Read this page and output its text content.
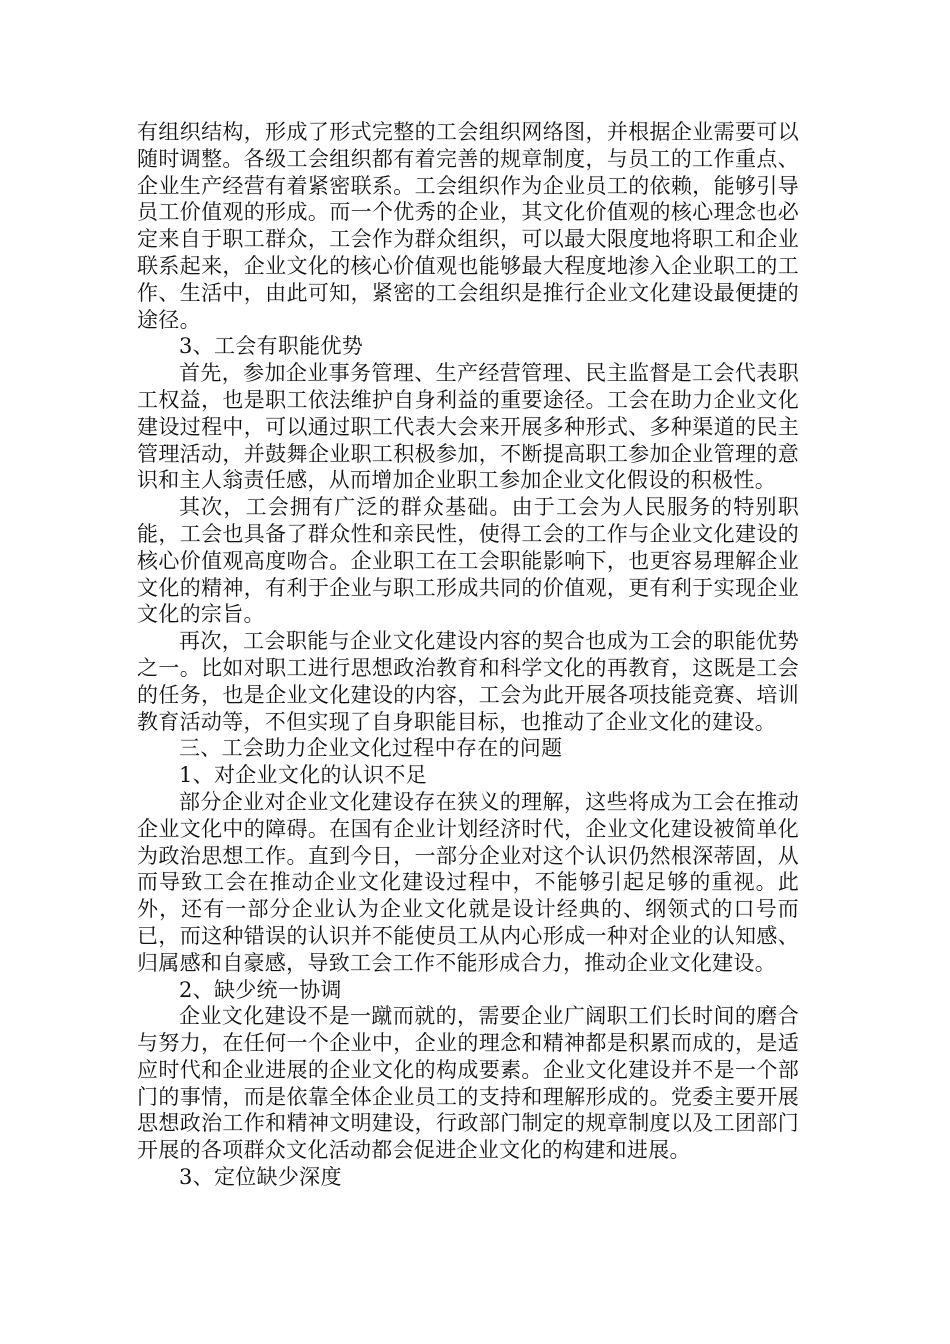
有组织结构，形成了形式完整的工会组织网络图，并根据企业需要可以随时调整。各级工会组织都有着完善的规章制度，与员工的工作重点、企业生产经营有着紧密联系。工会组织作为企业员工的依赖，能够引导员工价值观的形成。而一个优秀的企业，其文化价值观的核心理念也必定来自于职工群众，工会作为群众组织，可以最大限度地将职工和企业联系起来，企业文化的核心价值观也能够最大程度地渗入企业职工的工作、生活中，由此可知，紧密的工会组织是推行企业文化建设最便捷的途径。

3、工会有职能优势

首先，参加企业事务管理、生产经营管理、民主监督是工会代表职工权益，也是职工依法维护自身利益的重要途径。工会在助力企业文化建设过程中，可以通过职工代表大会来开展多种形式、多种渠道的民主管理活动，并鼓舞企业职工积极参加，不断提高职工参加企业管理的意识和主人翁责任感，从而增加企业职工参加企业文化假设的积极性。

其次，工会拥有广泛的群众基础。由于工会为人民服务的特别职能，工会也具备了群众性和亲民性，使得工会的工作与企业文化建设的核心价值观高度吻合。企业职工在工会职能影响下，也更容易理解企业文化的精神，有利于企业与职工形成共同的价值观，更有利于实现企业文化的宗旨。

再次，工会职能与企业文化建设内容的契合也成为工会的职能优势之一。比如对职工进行思想政治教育和科学文化的再教育，这既是工会的任务，也是企业文化建设的内容，工会为此开展各项技能竞赛、培训教育活动等，不但实现了自身职能目标，也推动了企业文化的建设。

三、工会助力企业文化过程中存在的问题

1、对企业文化的认识不足

部分企业对企业文化建设存在狭义的理解，这些将成为工会在推动企业文化中的障碍。在国有企业计划经济时代，企业文化建设被简单化为政治思想工作。直到今日，一部分企业对这个认识仍然根深蒂固，从而导致工会在推动企业文化建设过程中，不能够引起足够的重视。此外，还有一部分企业认为企业文化就是设计经典的、纲领式的口号而已，而这种错误的认识并不能使员工从内心形成一种对企业的认知感、归属感和自豪感，导致工会工作不能形成合力，推动企业文化建设。

2、缺少统一协调

企业文化建设不是一蹴而就的，需要企业广阔职工们长时间的磨合与努力，在任何一个企业中，企业的理念和精神都是积累而成的，是适应时代和企业进展的企业文化的构成要素。企业文化建设并不是一个部门的事情，而是依靠全体企业员工的支持和理解形成的。党委主要开展思想政治工作和精神文明建设，行政部门制定的规章制度以及工团部门开展的各项群众文化活动都会促进企业文化的构建和进展。

3、定位缺少深度
